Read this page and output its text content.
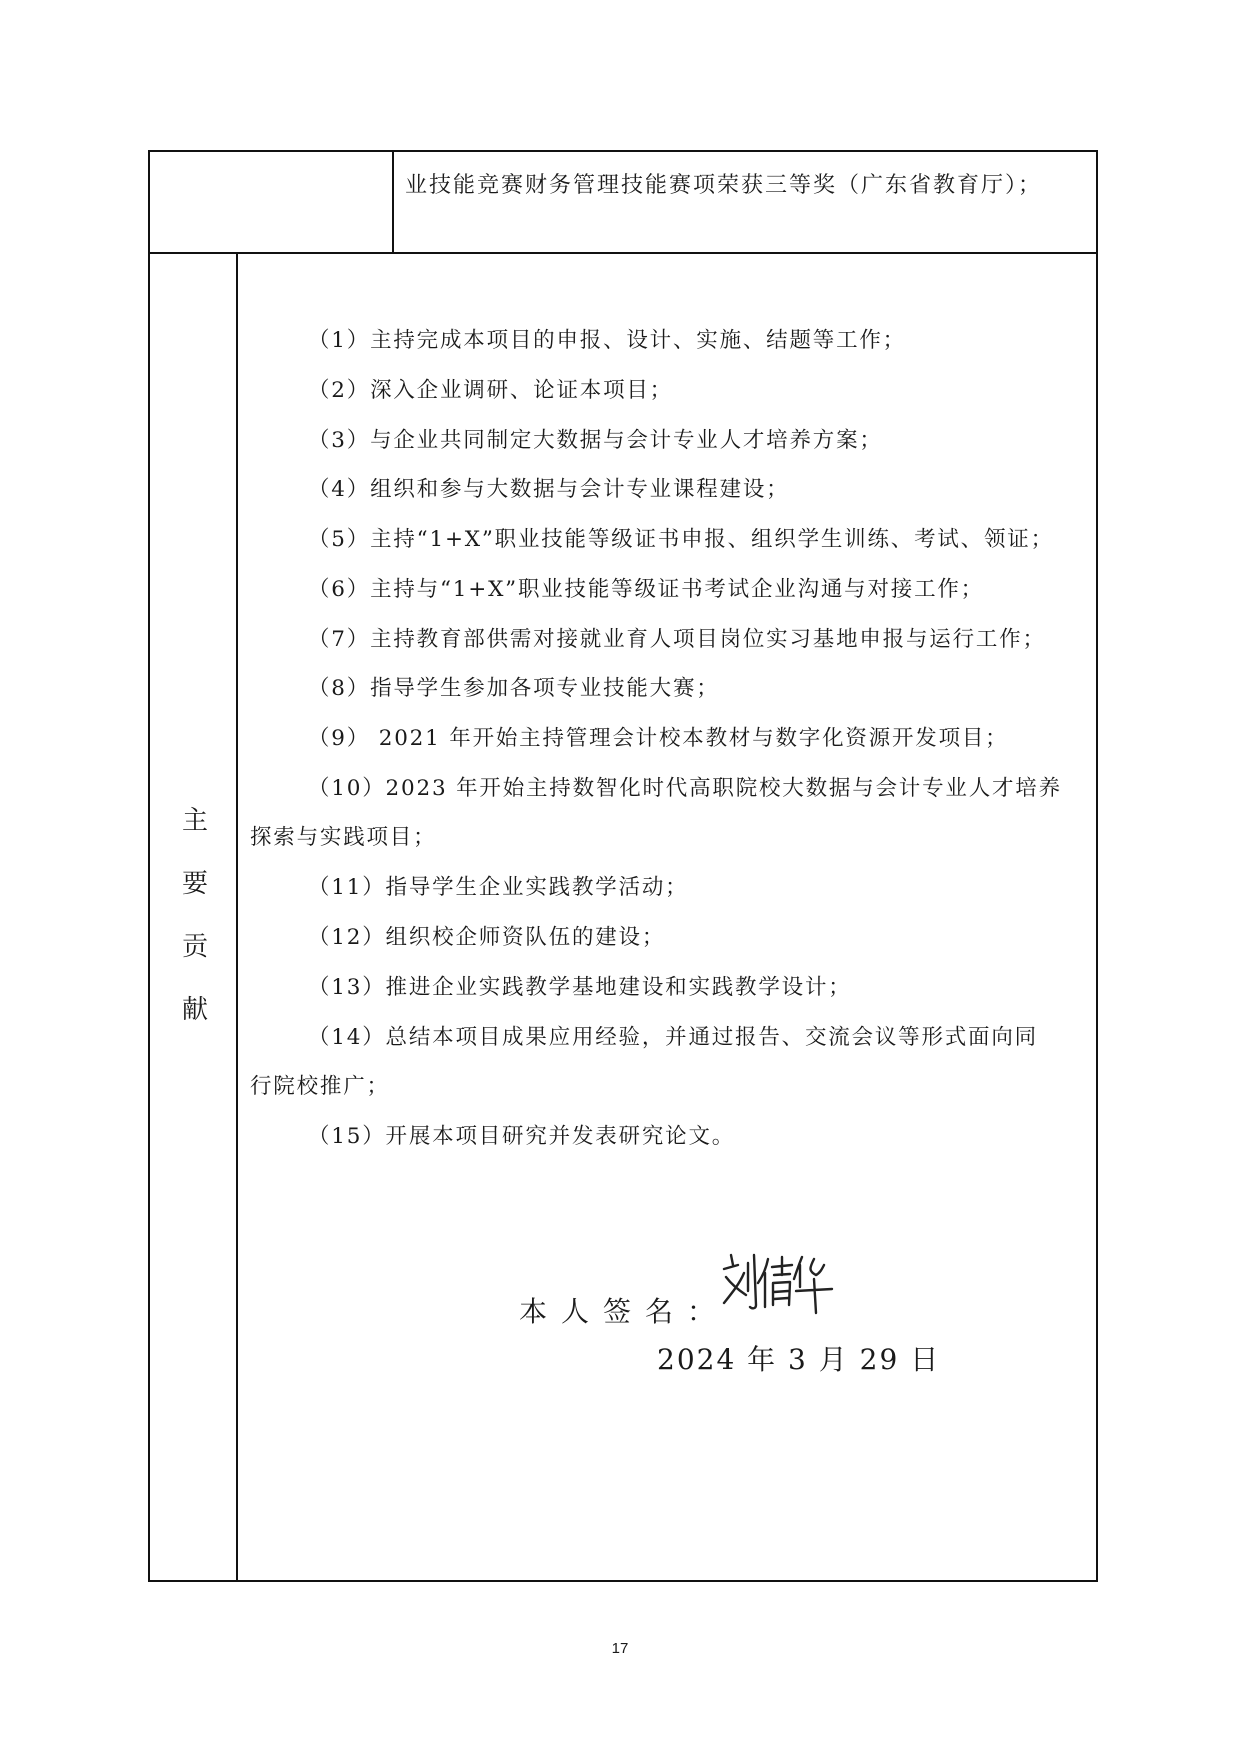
业技能竞赛财务管理技能赛项荣获三等奖（广东省教育厅）；
主
要
贡
献
（1）主持完成本项目的申报、设计、实施、结题等工作；
（2）深入企业调研、论证本项目；
（3）与企业共同制定大数据与会计专业人才培养方案；
（4）组织和参与大数据与会计专业课程建设；
（5）主持“1+X”职业技能等级证书申报、组织学生训练、考试、领证；
（6）主持与“1+X”职业技能等级证书考试企业沟通与对接工作；
（7）主持教育部供需对接就业育人项目岗位实习基地申报与运行工作；
（8）指导学生参加各项专业技能大赛；
（9） 2021 年开始主持管理会计校本教材与数字化资源开发项目；
（10）2023 年开始主持数智化时代高职院校大数据与会计专业人才培养
探索与实践项目；
（11）指导学生企业实践教学活动；
（12）组织校企师资队伍的建设；
（13）推进企业实践教学基地建设和实践教学设计；
（14）总结本项目成果应用经验，并通过报告、交流会议等形式面向同
行院校推广；
（15）开展本项目研究并发表研究论文。
本人签名：
2024 年 3 月 29 日
17
